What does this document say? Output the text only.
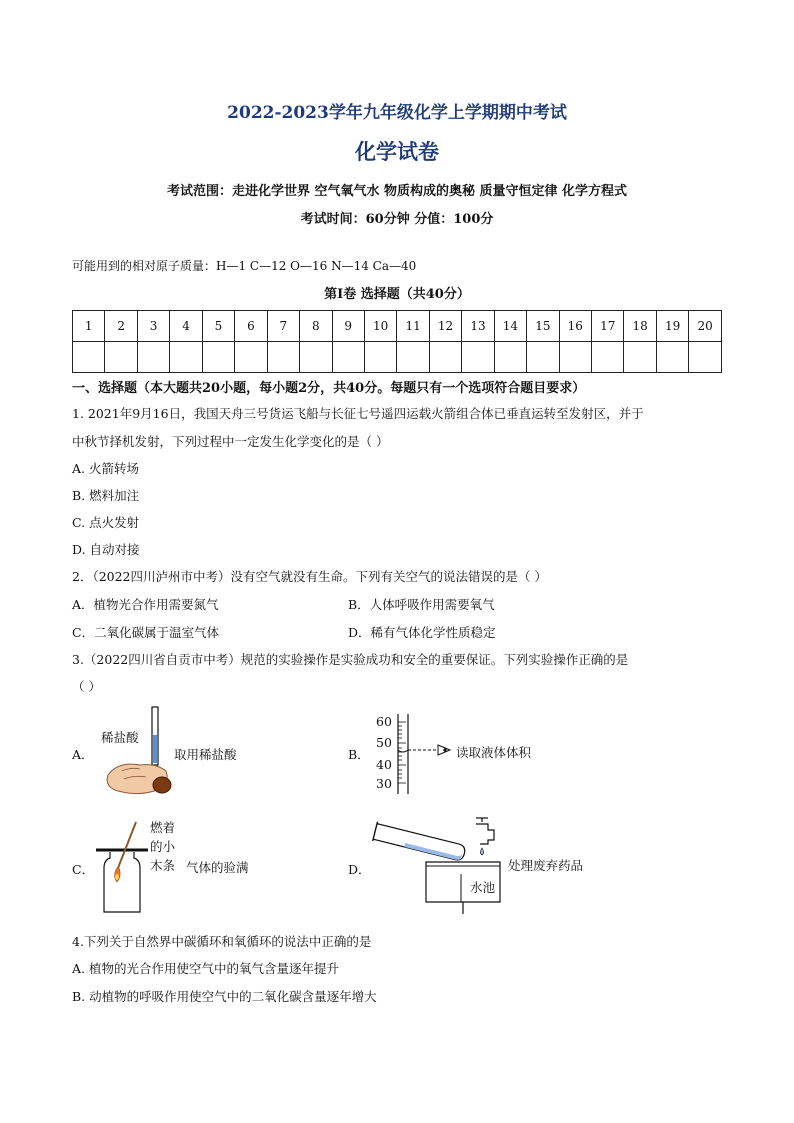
2022-2023学年九年级化学上学期期中考试
化学试卷
考试范围：走进化学世界 空气氧气水 物质构成的奥秘 质量守恒定律 化学方程式
考试时间：60分钟 分值：100分
可能用到的相对原子质量：H—1 C—12 O—16 N—14 Ca—40
第Ⅰ卷 选择题（共40分）
1	2	3	4	5	6	7	8	9	10	11	12	13	14	15	16	17	18	19	20

一、选择题（本大题共20小题，每小题2分，共40分。每题只有一个选项符合题目要求）
1. 2021年9月16日，我国天舟三号货运飞船与长征七号遥四运载火箭组合体已垂直运转至发射区，并于
中秋节择机发射，下列过程中一定发生化学变化的是（ ）
A. 火箭转场
B. 燃料加注
C. 点火发射
D. 自动对接
2．（2022四川泸州市中考）没有空气就没有生命。下列有关空气的说法错误的是（ ）
A．植物光合作用需要氮气	B．人体呼吸作用需要氧气
C．二氧化碳属于温室气体	D．稀有气体化学性质稳定
3.（2022四川省自贡市中考）规范的实验操作是实验成功和安全的重要保证。下列实验操作正确的是
（ ）
A．
稀盐酸
取用稀盐酸	B．
60
50
40
30
读取液体体积
C．
燃着
的小
木条 气体的验满	D．
水池
处理废弃药品
4.下列关于自然界中碳循环和氧循环的说法中正确的是
A. 植物的光合作用使空气中的氧气含量逐年提升
B. 动植物的呼吸作用使空气中的二氧化碳含量逐年增大
